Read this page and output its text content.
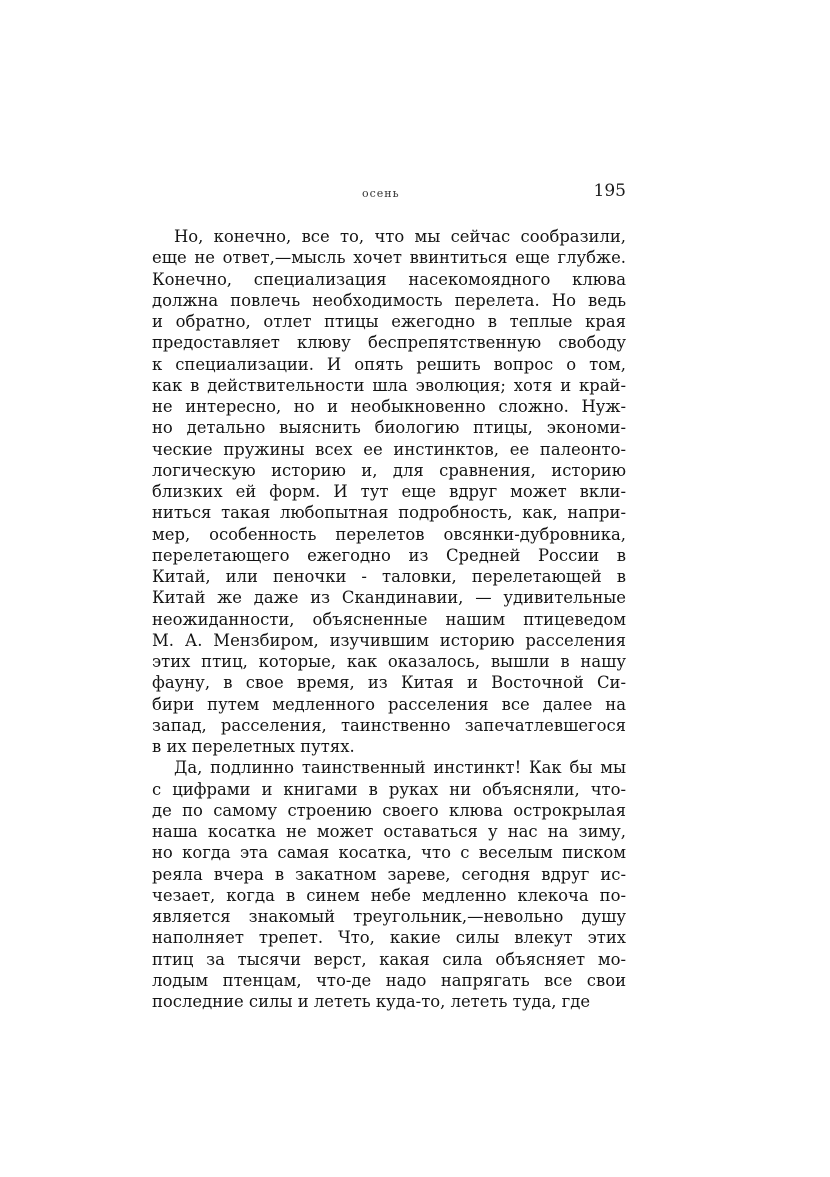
осень	195
Но, конечно, все то, что мы сейчас сообразили,
еще не ответ,—мысль хочет ввинтиться еще глубже.
Конечно, специализация насекомоядного клюва
должна повлечь необходимость перелета. Но ведь
и обратно, отлет птицы ежегодно в теплые края
предоставляет клюву беспрепятственную свободу
к специализации. И опять решить вопрос о том,
как в действительности шла эволюция; хотя и край-
не интересно, но и необыкновенно сложно. Нуж-
но детально выяснить биологию птицы, экономи-
ческие пружины всех ее инстинктов, ее палеонто-
логическую историю и, для сравнения, историю
близких ей форм. И тут еще вдруг может вкли-
ниться такая любопытная подробность, как, напри-
мер, особенность перелетов овсянки-дубровника,
перелетающего ежегодно из Средней России в
Китай, или пеночки - таловки, перелетающей в
Китай же даже из Скандинавии, — удивительные
неожиданности, объясненные нашим птицеведом
М. А. Мензбиром, изучившим историю расселения
этих птиц, которые, как оказалось, вышли в нашу
фауну, в свое время, из Китая и Восточной Си-
бири путем медленного расселения все далее на
запад, расселения, таинственно запечатлевшегося
в их перелетных путях.
Да, подлинно таинственный инстинкт! Как бы мы
с цифрами и книгами в руках ни объясняли, что-
де по самому строению своего клюва острокрылая
наша косатка не может оставаться у нас на зиму,
но когда эта самая косатка, что с веселым писком
реяла вчера в закатном зареве, сегодня вдруг ис-
чезает, когда в синем небе медленно клекоча по-
является знакомый треугольник,—невольно душу
наполняет трепет. Что, какие силы влекут этих
птиц за тысячи верст, какая сила объясняет мо-
лодым птенцам, что-де надо напрягать все свои
последние силы и лететь куда-то, лететь туда, где
